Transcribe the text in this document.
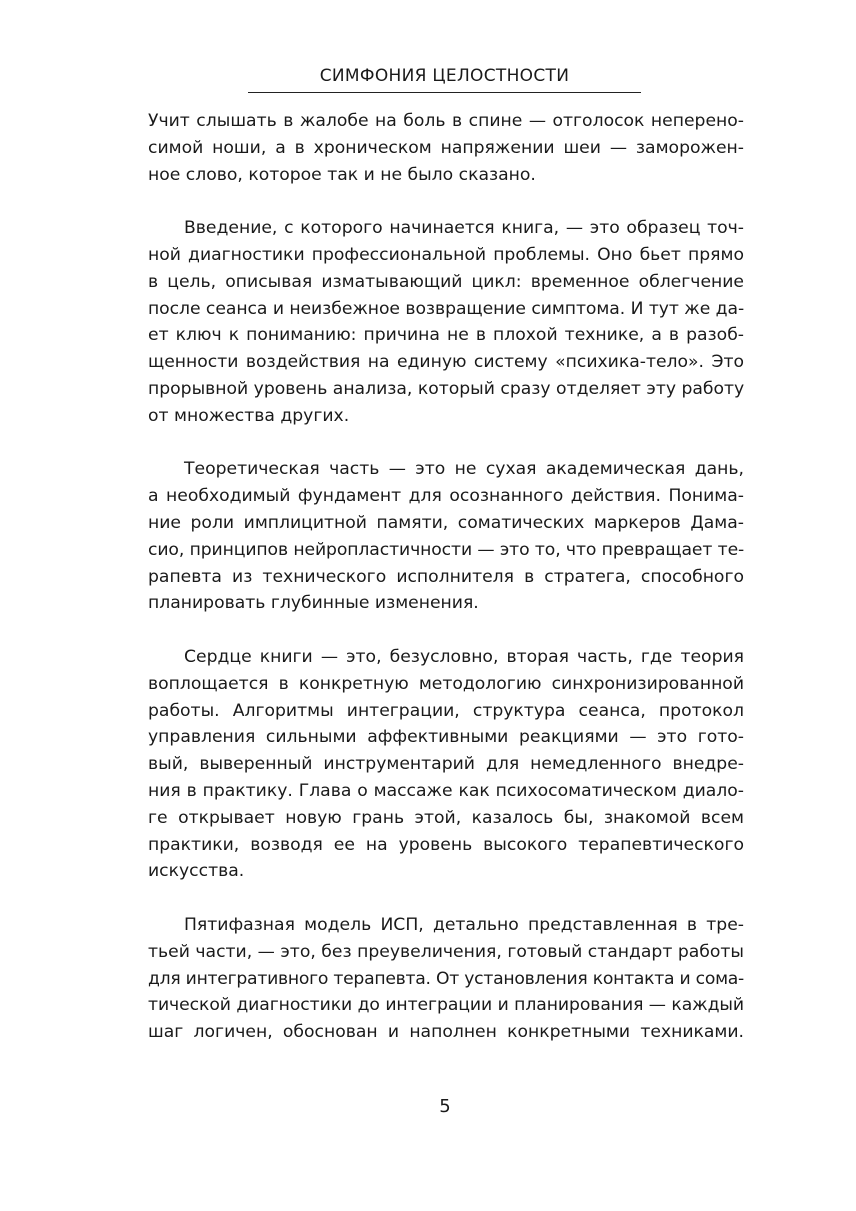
СИМФОНИЯ ЦЕЛОСТНОСТИ
Учит слышать в жалобе на боль в спине — отголосок неперено-
симой ноши, а в хроническом напряжении шеи — заморожен-
ное слово, которое так и не было сказано.
Введение, с которого начинается книга, — это образец точ-
ной диагностики профессиональной проблемы. Оно бьет прямо
в цель, описывая изматывающий цикл: временное облегчение
после сеанса и неизбежное возвращение симптома. И тут же да-
ет ключ к пониманию: причина не в плохой технике, а в разоб-
щенности воздействия на единую систему «психика-тело». Это
прорывной уровень анализа, который сразу отделяет эту работу
от множества других.
Теоретическая часть — это не сухая академическая дань,
а необходимый фундамент для осознанного действия. Понима-
ние роли имплицитной памяти, соматических маркеров Дама-
сио, принципов нейропластичности — это то, что превращает те-
рапевта из технического исполнителя в стратега, способного
планировать глубинные изменения.
Сердце книги — это, безусловно, вторая часть, где теория
воплощается в конкретную методологию синхронизированной
работы. Алгоритмы интеграции, структура сеанса, протокол
управления сильными аффективными реакциями — это гото-
вый, выверенный инструментарий для немедленного внедре-
ния в практику. Глава о массаже как психосоматическом диало-
ге открывает новую грань этой, казалось бы, знакомой всем
практики, возводя ее на уровень высокого терапевтического
искусства.
Пятифазная модель ИСП, детально представленная в тре-
тьей части, — это, без преувеличения, готовый стандарт работы
для интегративного терапевта. От установления контакта и сома-
тической диагностики до интеграции и планирования — каждый
шаг логичен, обоснован и наполнен конкретными техниками.
5
